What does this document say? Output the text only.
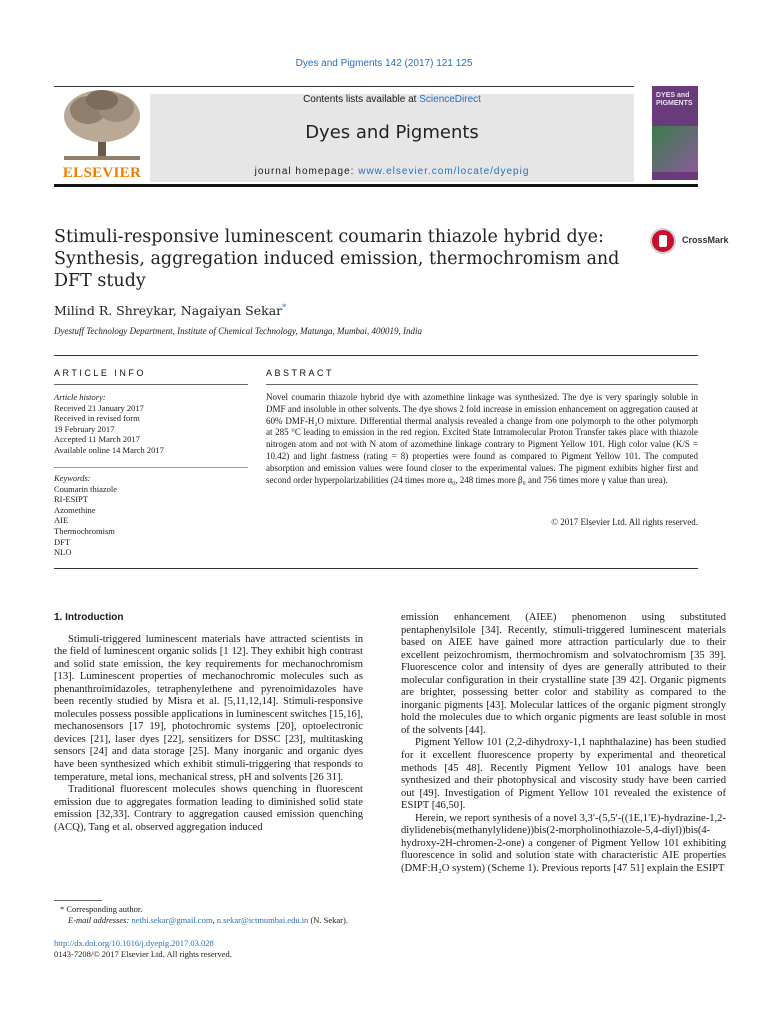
Dyes and Pigments 142 (2017) 121 125
ELSEVIER
Contents lists available at ScienceDirect
Dyes and Pigments
journal homepage: www.elsevier.com/locate/dyepig
DYES and PIGMENTS
Stimuli-responsive luminescent coumarin thiazole hybrid dye: Synthesis, aggregation induced emission, thermochromism and DFT study
CrossMark
Milind R. Shreykar, Nagaiyan Sekar*
Dyestuff Technology Department, Institute of Chemical Technology, Matunga, Mumbai, 400019, India
ARTICLE INFO
Article history:
Received 21 January 2017
Received in revised form
19 February 2017
Accepted 11 March 2017
Available online 14 March 2017
Keywords:
Coumarin thiazole
RI-ESIPT
Azomethine
AIE
Thermochromism
DFT
NLO
ABSTRACT
Novel coumarin thiazole hybrid dye with azomethine linkage was synthesized. The dye is very sparingly soluble in DMF and insoluble in other solvents. The dye shows 2 fold increase in emission enhancement on aggregation caused at 60% DMF-H₂O mixture. Differential thermal analysis revealed a change from one polymorph to the other polymorph at 285 °C leading to emission in the red region. Excited State Intramolecular Proton Transfer takes place with thiazole nitrogen atom and not with N atom of azomethine linkage contrary to Pigment Yellow 101. High color value (K/S = 10.42) and light fastness (rating = 8) properties were found as compared to Pigment Yellow 101. The computed absorption and emission values were found closer to the experimental values. The pigment exhibits higher first and second order hyperpolarizabilities (24 times more α₀, 248 times more β₀ and 756 times more γ value than urea).
© 2017 Elsevier Ltd. All rights reserved.
1. Introduction

Stimuli-triggered luminescent materials have attracted scientists in the field of luminescent organic solids [1 12]. They exhibit high contrast and solid state emission, the key requirements for mechanochromism [13]. Luminescent properties of mechanochromic molecules such as phenanthroimidazoles, tetraphenylethene and pyrenoimidazoles have been recently studied by Misra et al. [5,11,12,14]. Stimuli-responsive molecules possess possible applications in luminescent switches [15,16], mechanosensors [17 19], photochromic systems [20], optoelectronic devices [21], laser dyes [22], sensitizers for DSSC [23], multitasking sensors [24] and data storage [25]. Many inorganic and organic dyes have been synthesized which exhibit stimuli-triggering that responds to temperature, metal ions, mechanical stress, pH and solvents [26 31].

Traditional fluorescent molecules shows quenching in fluorescent emission due to aggregates formation leading to diminished solid state emission [32,33]. Contrary to aggregation caused emission quenching (ACQ), Tang et al. observed aggregation induced

emission enhancement (AIEE) phenomenon using substituted pentaphenylsilole [34]. Recently, stimuli-triggered luminescent materials based on AIEE have gained more attraction particularly due to their excellent peizochromism, thermochromism and solvatochromism [35 39]. Fluorescence color and intensity of dyes are generally attributed to their molecular configuration in their crystalline state [39 42]. Organic pigments are brighter, possessing better color and stability as compared to the inorganic pigments [43]. Molecular lattices of the organic pigment strongly hold the molecules due to which organic pigments are least soluble in most of the solvents [44].

Pigment Yellow 101 (2,2-dihydroxy-1,1 naphthalazine) has been studied for it excellent fluorescence property by experimental and theoretical methods [45 48]. Recently Pigment Yellow 101 analogs have been synthesized and their photophysical and viscosity study have been carried out [49]. Investigation of Pigment Yellow 101 revealed the existence of ESIPT [46,50].

Herein, we report synthesis of a novel 3,3′-(5,5′-((1E,1′E)-hydrazine-1,2-diylidenebis(methanylylidene))bis(2-morpholinothiazole-5,4-diyl))bis(4-hydroxy-2H-chromen-2-one) a congener of Pigment Yellow 101 exhibiting fluorescence in solid and solution state with characteristic AIE properties (DMF:H₂O system) (Scheme 1). Previous reports [47 51] explain the ESIPT

* Corresponding author.
E-mail addresses: nethi.sekar@gmail.com, n.sekar@ictmumbai.edu.in (N. Sekar).
http://dx.doi.org/10.1016/j.dyepig.2017.03.028
0143-7208/© 2017 Elsevier Ltd. All rights reserved.
